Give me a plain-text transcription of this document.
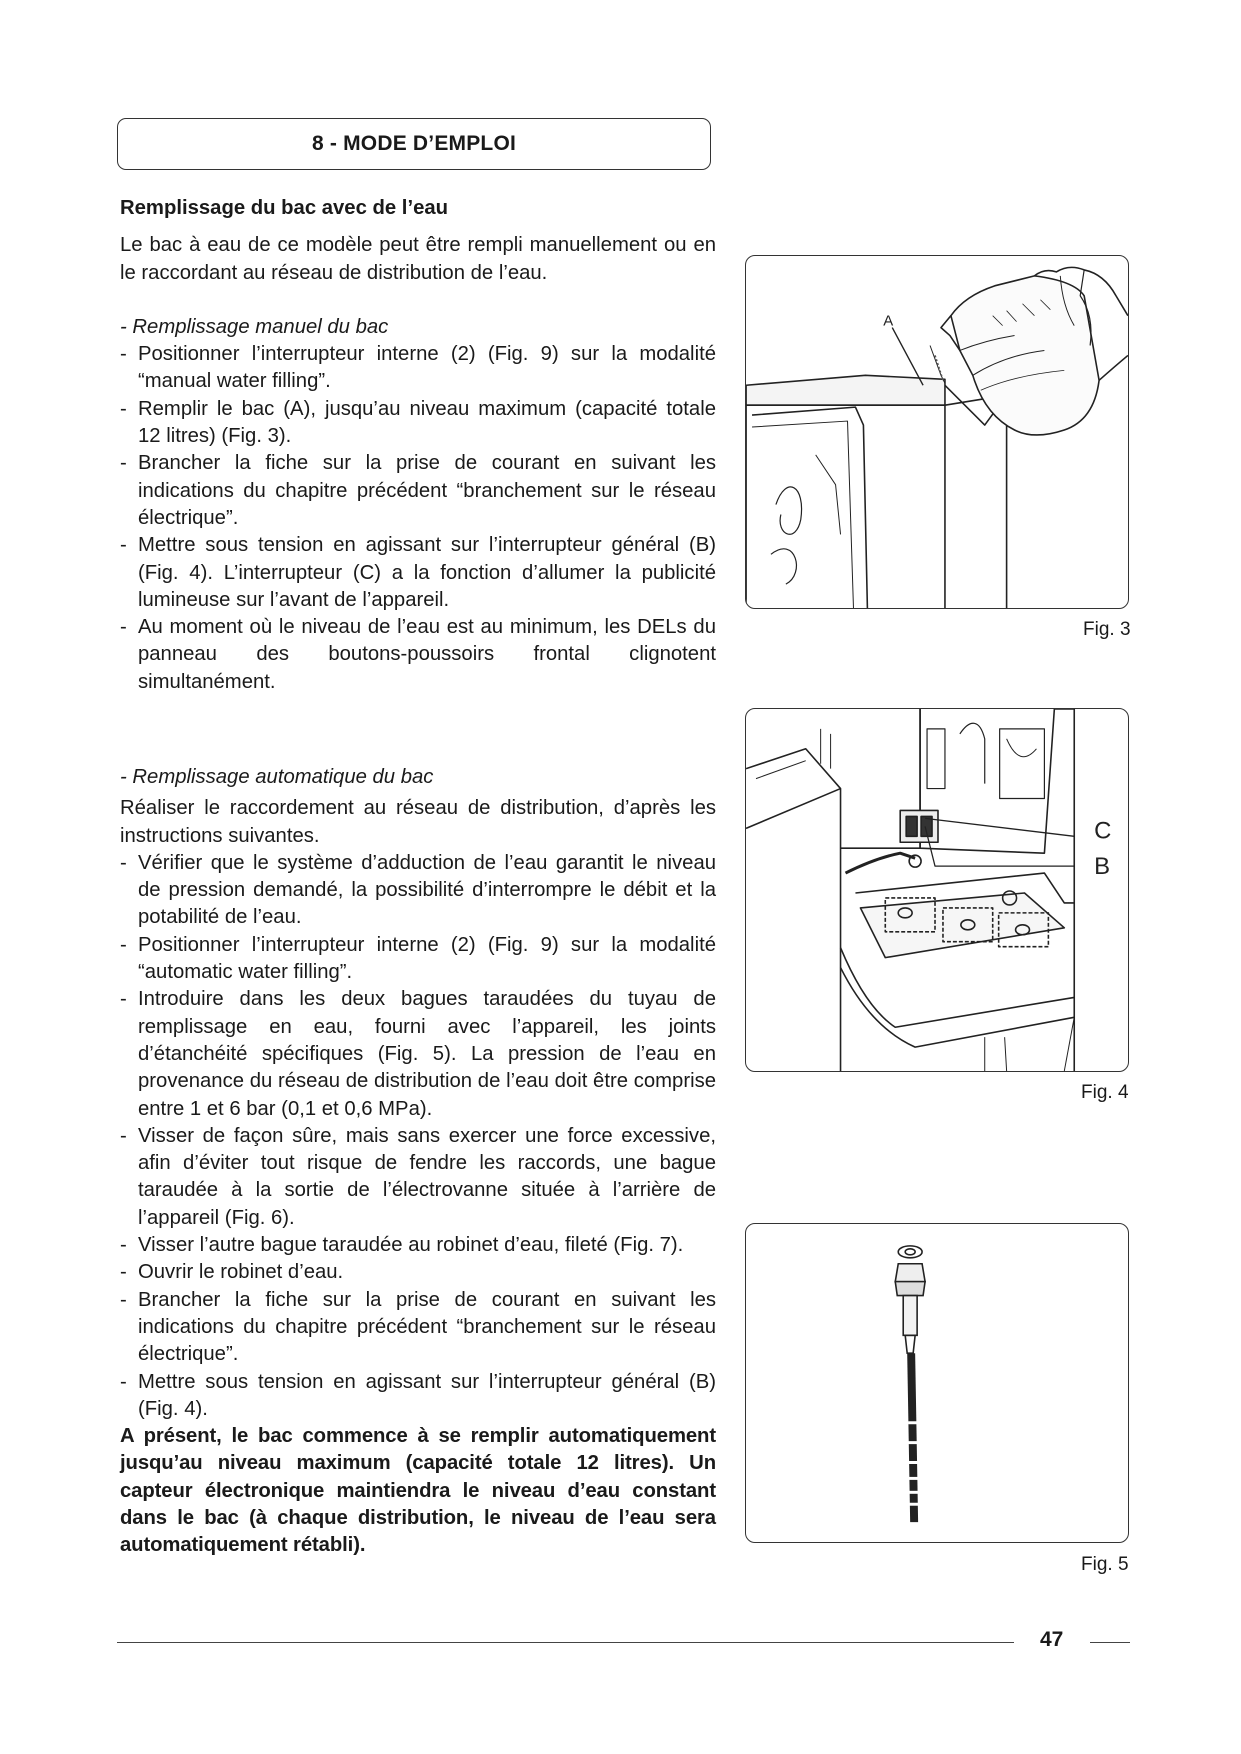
8 - MODE D’EMPLOI

Remplissage du bac avec de l’eau

Le bac à eau de ce modèle peut être rempli manuellement ou en le raccordant au réseau de distribution de l’eau.

- Remplissage manuel du bac

- Positionner l’interrupteur interne (2) (Fig. 9) sur la modalité “manual water filling”.
- Remplir le bac (A), jusqu’au niveau maximum (capacité totale 12 litres) (Fig. 3).
- Brancher la fiche sur la prise de courant en suivant les indications du chapitre précédent “branchement sur le réseau électrique”.
- Mettre sous tension en agissant sur l’interrupteur général (B) (Fig. 4). L’interrupteur (C) a la fonction d’allumer la publicité lumineuse sur l’avant de l’appareil.
- Au moment où le niveau de l’eau est au minimum, les DELs du panneau des boutons-poussoirs frontal clignotent simultanément.

- Remplissage automatique du bac

Réaliser le raccordement au réseau de distribution, d’après les instructions suivantes.

- Vérifier que le système d’adduction de l’eau garantit le niveau de pression demandé, la possibilité d’interrompre le débit et la potabilité de l’eau.
- Positionner l’interrupteur interne (2) (Fig. 9) sur la modalité “automatic water filling”.
- Introduire dans les deux bagues taraudées du tuyau de remplissage en eau, fourni avec l’appareil, les joints d’étanchéité spécifiques (Fig. 5). La pression de l’eau en provenance du réseau de distribution de l’eau doit être comprise entre 1 et 6 bar (0,1 et 0,6 MPa).
- Visser de façon sûre, mais sans exercer une force excessive, afin d’éviter tout risque de fendre les raccords, une bague taraudée à la sortie de l’électrovanne située à l’arrière de l’appareil (Fig. 6).
- Visser l’autre bague taraudée au robinet d’eau, fileté (Fig. 7).
- Ouvrir le robinet d’eau.
- Brancher la fiche sur la prise de courant en suivant les indications du chapitre précédent “branchement sur le réseau électrique”.
- Mettre sous tension en agissant sur l’interrupteur général (B) (Fig. 4).

A présent, le bac commence à se remplir automatiquement jusqu’au niveau maximum (capacité totale 12 litres). Un capteur électronique maintiendra le niveau d’eau constant dans le bac (à chaque distribution, le niveau de l’eau sera automatiquement rétabli).

A
Fig. 3
C
B
Fig. 4
Fig. 5
47
